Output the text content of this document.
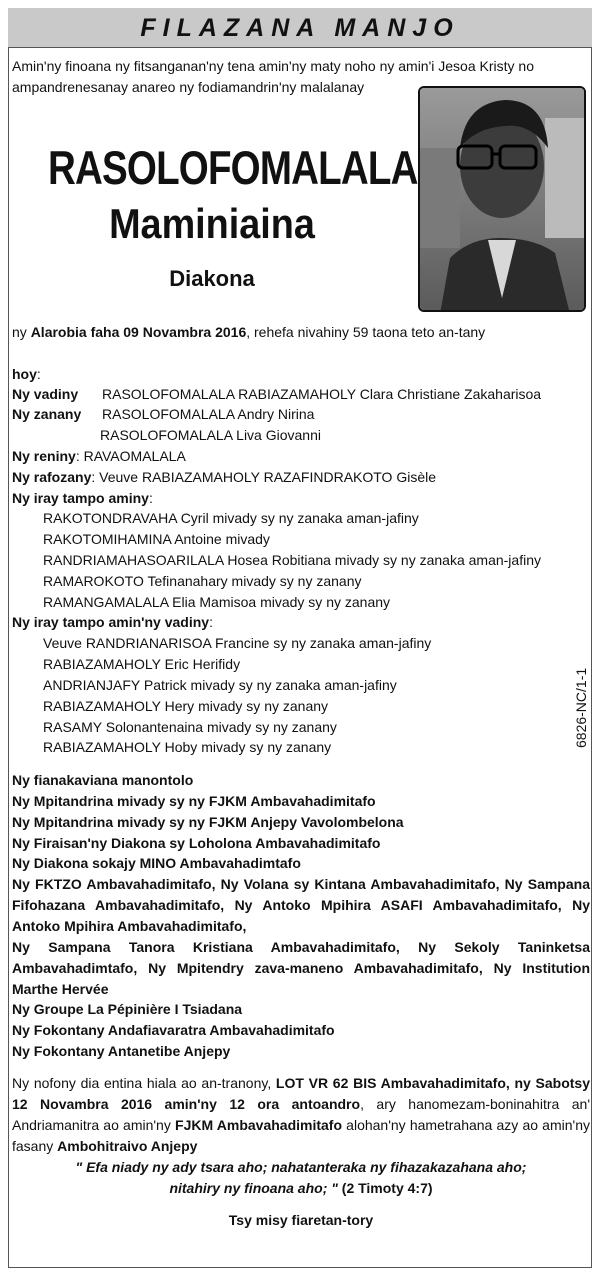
FILAZANA MANJO
Amin'ny finoana ny fitsanganan'ny tena amin'ny maty noho ny amin'i Jesoa Kristy no ampandrenesanay anareo ny fodiamandrin'ny malalanay
RASOLOFOMALALA
Maminiaina
Diakona
ny Alarobia faha 09 Novambra 2016, rehefa nivahiny 59 taona teto an-tany
hoy:
Ny vadiny RASOLOFOMALALA RABIAZAMAHOLY Clara Christiane Zakaharisoa
Ny zanany RASOLOFOMALALA Andry Nirina
RASOLOFOMALALA Liva Giovanni
Ny reniny: RAVAOMALALA
Ny rafozany: Veuve RABIAZAMAHOLY RAZAFINDRAKOTO Gisèle
Ny iray tampo aminy:
RAKOTONDRAVAHA Cyril mivady sy ny zanaka aman-jafiny
RAKOTOMIHAMINA Antoine mivady
RANDRIAMAHASOARILALA Hosea Robitiana mivady sy ny zanaka aman-jafiny
RAMAROKOTO Tefinanahary mivady sy ny zanany
RAMANGAMALALA Elia Mamisoa mivady sy ny zanany
Ny iray tampo amin'ny vadiny:
Veuve RANDRIANARISOA Francine sy ny zanaka aman-jafiny
RABIAZAMAHOLY Eric Herifidy
ANDRIANJAFY Patrick mivady sy ny zanaka aman-jafiny
RABIAZAMAHOLY Hery mivady sy ny zanany
RASAMY Solonantenaina mivady sy ny zanany
RABIAZAMAHOLY Hoby mivady sy ny zanany
Ny fianakaviana manontolo
Ny Mpitandrina mivady sy ny FJKM Ambavahadimitafo
Ny Mpitandrina mivady sy ny FJKM Anjepy Vavolombelona
Ny Firaisan'ny Diakona sy Loholona Ambavahadimitafo
Ny Diakona sokajy MINO Ambavahadimtafo
Ny FKTZO Ambavahadimitafo, Ny Volana sy Kintana Ambavahadimitafo, Ny Sampana Fifohazana Ambavahadimitafo, Ny Antoko Mpihira ASAFI Ambavahadimitafo, Ny Antoko Mpihira Ambavahadimitafo,
Ny Sampana Tanora Kristiana Ambavahadimitafo, Ny Sekoly Taninketsa Ambavahadimtafo, Ny Mpitendry zava-maneno Ambavahadimitafo, Ny Institution Marthe Hervée
Ny Groupe La Pépinière I Tsiadana
Ny Fokontany Andafiavaratra Ambavahadimitafo
Ny Fokontany Antanetibe Anjepy
Ny nofony dia entina hiala ao an-tranony, LOT VR 62 BIS Ambavahadimitafo, ny Sabotsy 12 Novambra 2016 amin'ny 12 ora antoandro, ary hanomezam-boninahitra an' Andriamanitra ao amin'ny FJKM Ambavahadimitafo alohan'ny hametrahana azy ao amin'ny fasany Ambohitraivo Anjepy
" Efa niady ny ady tsara aho; nahatanteraka ny fihazakazahana aho;
nitahiry ny finoana aho; " (2 Timoty 4:7)
Tsy misy fiaretan-tory
6826-NC/1-1
